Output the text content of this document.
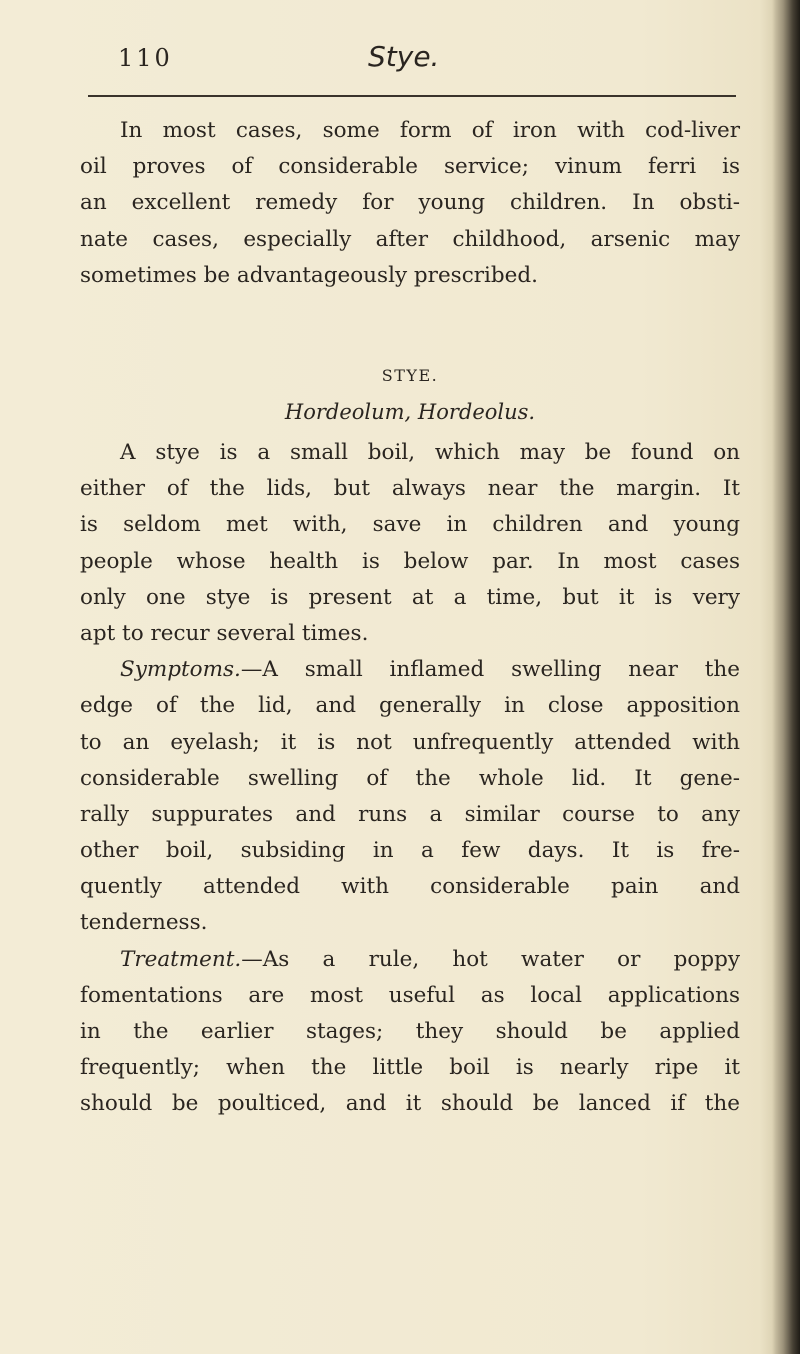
110	Stye.
In most cases, some form of iron with cod-liver
oil proves of considerable service; vinum ferri is
an excellent remedy for young children. In obsti-
nate cases, especially after childhood, arsenic may
sometimes be advantageously prescribed.
STYE.
Hordeolum, Hordeolus.
A stye is a small boil, which may be found on
either of the lids, but always near the margin. It
is seldom met with, save in children and young
people whose health is below par. In most cases
only one stye is present at a time, but it is very
apt to recur several times.
Symptoms.—A small inflamed swelling near the
edge of the lid, and generally in close apposition
to an eyelash; it is not unfrequently attended with
considerable swelling of the whole lid. It gene-
rally suppurates and runs a similar course to any
other boil, subsiding in a few days. It is fre-
quently attended with considerable pain and
tenderness.
Treatment.—As a rule, hot water or poppy
fomentations are most useful as local applications
in the earlier stages; they should be applied
frequently; when the little boil is nearly ripe it
should be poulticed, and it should be lanced if the
